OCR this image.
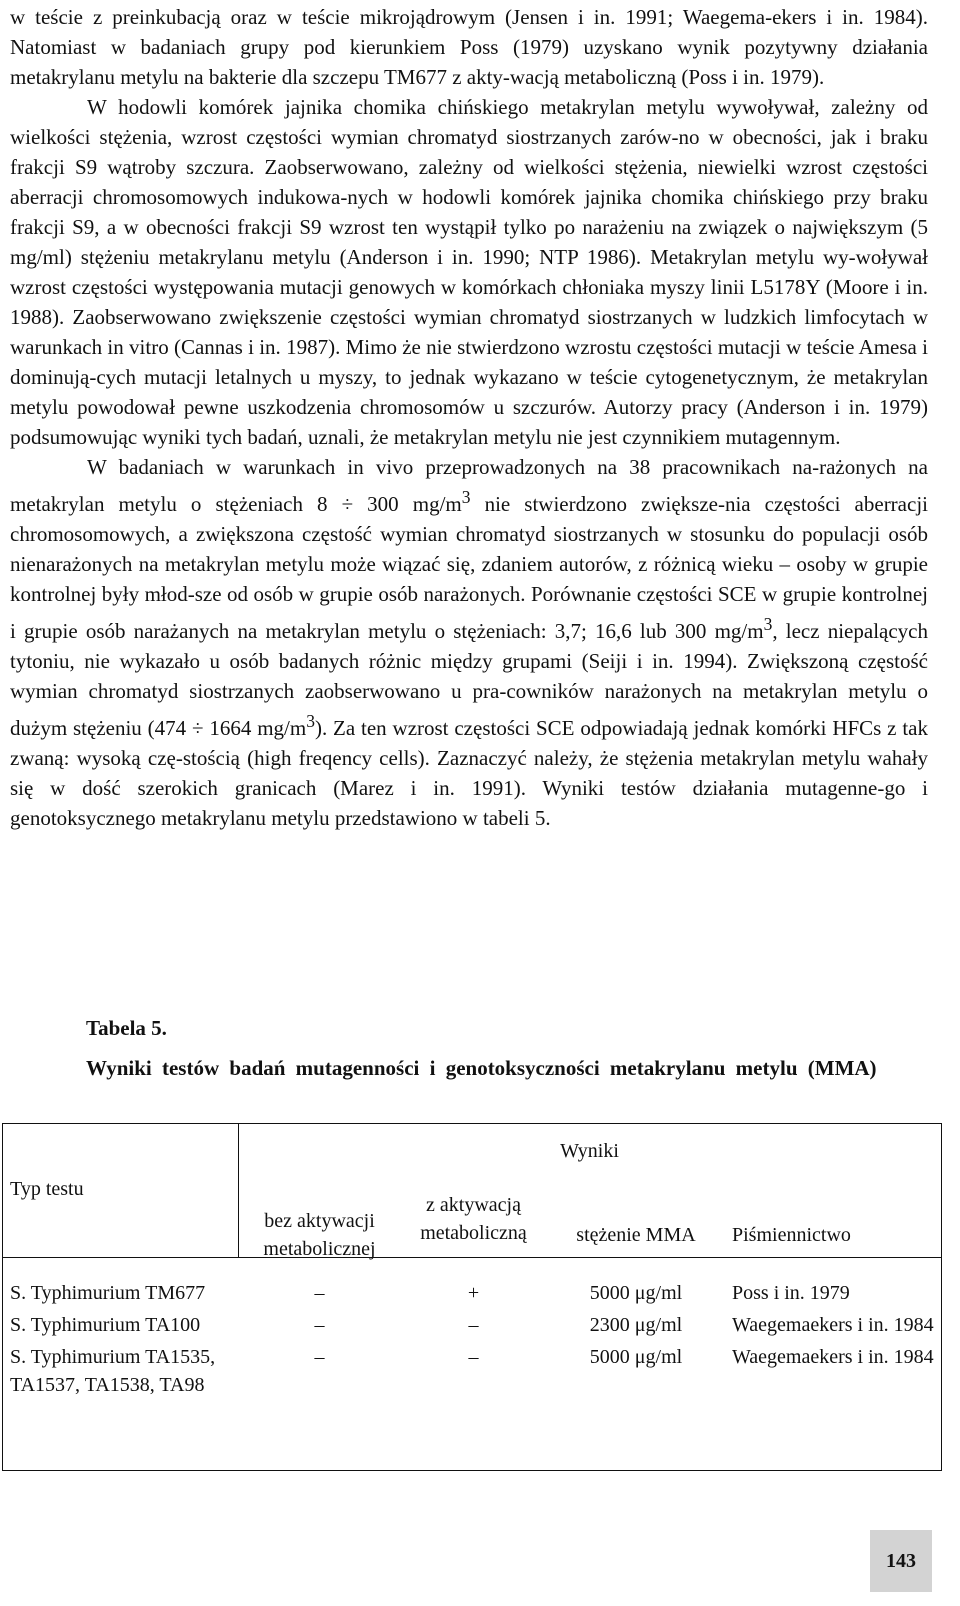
w teście z preinkubacją oraz w teście mikrojądrowym (Jensen i in. 1991; Waegema-ekers i in. 1984). Natomiast w badaniach grupy pod kierunkiem Poss (1979) uzyskano wynik pozytywny działania metakrylanu metylu na bakterie dla szczepu TM677 z akty-wacją metaboliczną (Poss i in. 1979).

W hodowli komórek jajnika chomika chińskiego metakrylan metylu wywoływał, zależny od wielkości stężenia, wzrost częstości wymian chromatyd siostrzanych zarów-no w obecności, jak i braku frakcji S9 wątroby szczura. Zaobserwowano, zależny od wielkości stężenia, niewielki wzrost częstości aberracji chromosomowych indukowa-nych w hodowli komórek jajnika chomika chińskiego przy braku frakcji S9, a w obecności frakcji S9 wzrost ten wystąpił tylko po narażeniu na związek o największym (5 mg/ml) stężeniu metakrylanu metylu (Anderson i in. 1990; NTP 1986). Metakrylan metylu wy-woływał wzrost częstości występowania mutacji genowych w komórkach chłoniaka myszy linii L5178Y (Moore i in. 1988). Zaobserwowano zwiększenie częstości wymian chromatyd siostrzanych w ludzkich limfocytach w warunkach in vitro (Cannas i in. 1987). Mimo że nie stwierdzono wzrostu częstości mutacji w teście Amesa i dominują-cych mutacji letalnych u myszy, to jednak wykazano w teście cytogenetycznym, że metakrylan metylu powodował pewne uszkodzenia chromosomów u szczurów. Autorzy pracy (Anderson i in. 1979) podsumowując wyniki tych badań, uznali, że metakrylan metylu nie jest czynnikiem mutagennym.

W badaniach w warunkach in vivo przeprowadzonych na 38 pracownikach na-rażonych na metakrylan metylu o stężeniach 8 ÷ 300 $mg/m^3$ nie stwierdzono zwiększe-nia częstości aberracji chromosomowych, a zwiększona częstość wymian chromatyd siostrzanych w stosunku do populacji osób nienarażonych na metakrylan metylu może wiązać się, zdaniem autorów, z różnicą wieku – osoby w grupie kontrolnej były młod-sze od osób w grupie osób narażonych. Porównanie częstości SCE w grupie kontrolnej i grupie osób narażanych na metakrylan metylu o stężeniach: 3,7; 16,6 lub 300 $mg/m^3$, lecz niepalących tytoniu, nie wykazało u osób badanych różnic między grupami (Seiji i in. 1994). Zwiększoną częstość wymian chromatyd siostrzanych zaobserwowano u pra-cowników narażonych na metakrylan metylu o dużym stężeniu (474 ÷ 1664 $mg/m^3$). Za ten wzrost częstości SCE odpowiadają jednak komórki HFCs z tak zwaną: wysoką czę-stością (high freqency cells). Zaznaczyć należy, że stężenia metakrylan metylu wahały się w dość szerokich granicach (Marez i in. 1991). Wyniki testów działania mutagenne-go i genotoksycznego metakrylanu metylu przedstawiono w tabeli 5.

Tabela 5.
Wyniki testów badań mutagenności i genotoksyczności metakrylanu metylu (MMA)
Typ testu	Wyniki			
	bez aktywacji metabolicznej	z aktywacją metaboliczną	stężenie MMA	Piśmiennictwo
S. Typhimurium TM677	–	+	5000 μg/ml	Poss i in. 1979
S. Typhimurium TA100	–	–	2300 μg/ml	Waegemaekers i in. 1984
S. Typhimurium TA1535, TA1537, TA1538, TA98	–	–	5000 μg/ml	Waegemaekers i in. 1984
143
